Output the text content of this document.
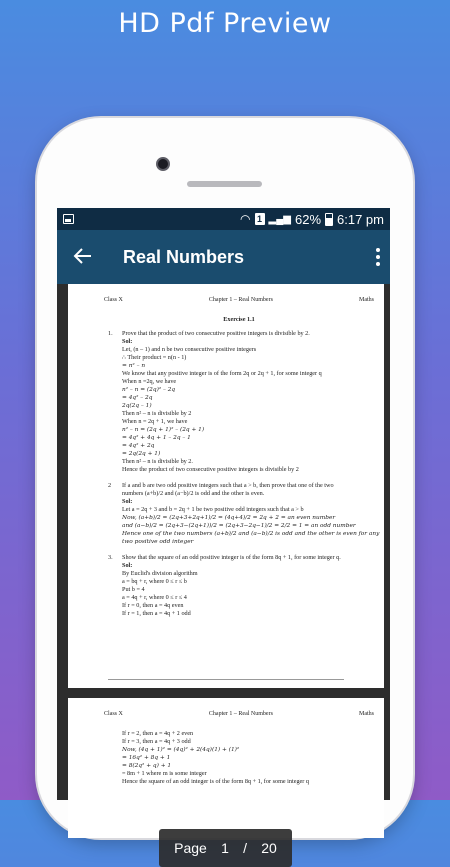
HD Pdf Preview
◠ 1 ▂▄▆ 62% 6:17 pm
Real Numbers
Class X	Chapter 1 – Real Numbers	Maths
Exercise 1.1
1.	Prove that the product of two consecutive positive integers is divisible by 2.
Sol:
Let, (n – 1) and n be two consecutive positive integers
∴ Their product = n(n - 1)
= n² – n
We know that any positive integer is of the form 2q or 2q + 1, for some integer q
When n =2q, we have
n² – n = (2q)² – 2q
= 4q² – 2q
2q(2q – 1)
Then n² – n is divisible by 2
When n = 2q + 1, we have
n² – n = (2q + 1)² – (2q + 1)
= 4q² + 4q + 1 – 2q – 1
= 4q² + 2q
= 2q(2q + 1)
Then n² – n is divisible by 2.
Hence the product of two consecutive positive integers is divisible by 2
2	If a and b are two odd positive integers such that a > b, then prove that one of the two
numbers (a+b)/2 and (a−b)/2 is odd and the other is even.
Sol:
Let a = 2q + 3 and b = 2q + 1 be two positive odd integers such that a > b
Now, (a+b)/2 = (2q+3+2q+1)/2 = (4q+4)/2 = 2q + 2 = an even number
and (a−b)/2 = (2q+3−(2q+1))/2 = (2q+3−2q−1)/2 = 2/2 = 1 = an odd number
Hence one of the two numbers (a+b)/2 and (a−b)/2 is odd and the other is even for any
two positive odd integer
3.	Show that the square of an odd positive integer is of the form 8q + 1, for some integer q.
Sol:
By Euclid's division algorithm
a = bq + r, where 0 ≤ r ≤ b
Put b = 4
a = 4q + r, where 0 ≤ r ≤ 4
If r = 0, then a = 4q even
If r = 1, then a = 4q + 1 odd
Class X	Chapter 1 – Real Numbers	Maths
If r = 2, then a = 4q + 2 even
If r = 3, then a = 4q + 3 odd
Now, (4q + 1)² = (4q)² + 2(4q)(1) + (1)²
= 16q² + 8q + 1
= 8(2q² + q) + 1
= 8m + 1 where m is some integer
Hence the square of an odd integer is of the form 8q + 1, for some integer q
Page 1 / 20
